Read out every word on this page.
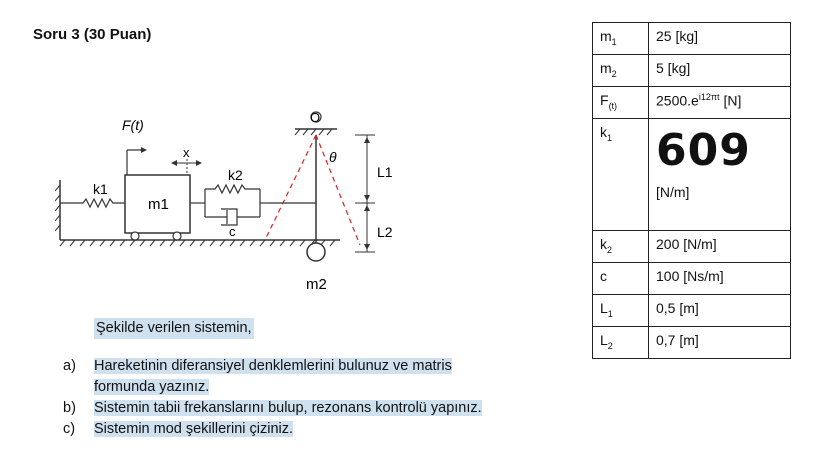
Soru 3 (30 Puan)
k1
m1
F(t)
x
k2
c
O
m2
θ
L1
L2
Şekilde verilen sistemin,
a)	Hareketinin diferansiyel denklemlerini bulunuz ve matris
formunda yazınız.
b)	Sistemin tabii frekanslarını bulup, rezonans kontrolü yapınız.
c)	Sistemin mod şekillerini çiziniz.
$m_1$	25 [kg]
$m_2$	5 [kg]
$F_{(t)}$	$2500.e^{i12\pi t}$ [N]
$k_1$	609
[N/m]

$k_2$	200 [N/m]
c	100 [Ns/m]
$L_1$	0,5 [m]
$L_2$	0,7 [m]
